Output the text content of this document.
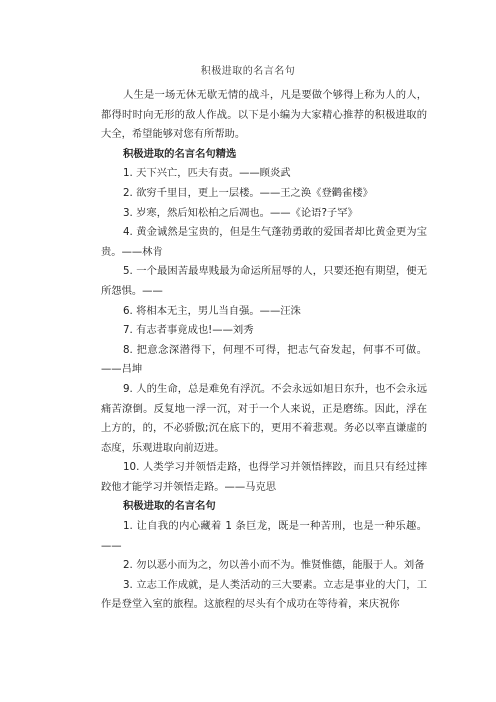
积极进取的名言名句

人生是一场无休无歇无情的战斗，凡是要做个够得上称为人的人，都得时时向无形的敌人作战。以下是小编为大家精心推荐的积极进取的大全，希望能够对您有所帮助。

积极进取的名言名句精选

1. 天下兴亡，匹夫有责。——顾炎武

2. 欲穷千里目，更上一层楼。——王之涣《登鹳雀楼》

3. 岁寒，然后知松柏之后凋也。——《论语?子罕》

4. 黄金诚然是宝贵的，但是生气蓬勃勇敢的爱国者却比黄金更为宝贵。——林肯

5. 一个最困苦最卑贱最为命运所屈辱的人，只要还抱有期望，便无所怨惧。——

6. 将相本无主，男儿当自强。——汪洙

7. 有志者事竟成也!——刘秀

8. 把意念深潜得下，何理不可得，把志气奋发起，何事不可做。——吕坤

9. 人的生命，总是难免有浮沉。不会永远如旭日东升，也不会永远痛苦潦倒。反复地一浮一沉，对于一个人来说，正是磨练。因此，浮在上方的，的，不必骄傲;沉在底下的，更用不着悲观。务必以率直谦虚的态度，乐观进取向前迈进。

10. 人类学习并领悟走路，也得学习并领悟摔跤，而且只有经过摔跤他才能学习并领悟走路。——马克思

积极进取的名言名句

1. 让自我的内心藏着 1 条巨龙，既是一种苦刑，也是一种乐趣。——

2. 勿以恶小而为之，勿以善小而不为。惟贤惟德，能服于人。刘备

3. 立志工作成就，是人类活动的三大要素。立志是事业的大门，工作是登堂入室的旅程。这旅程的尽头有个成功在等待着，来庆祝你
